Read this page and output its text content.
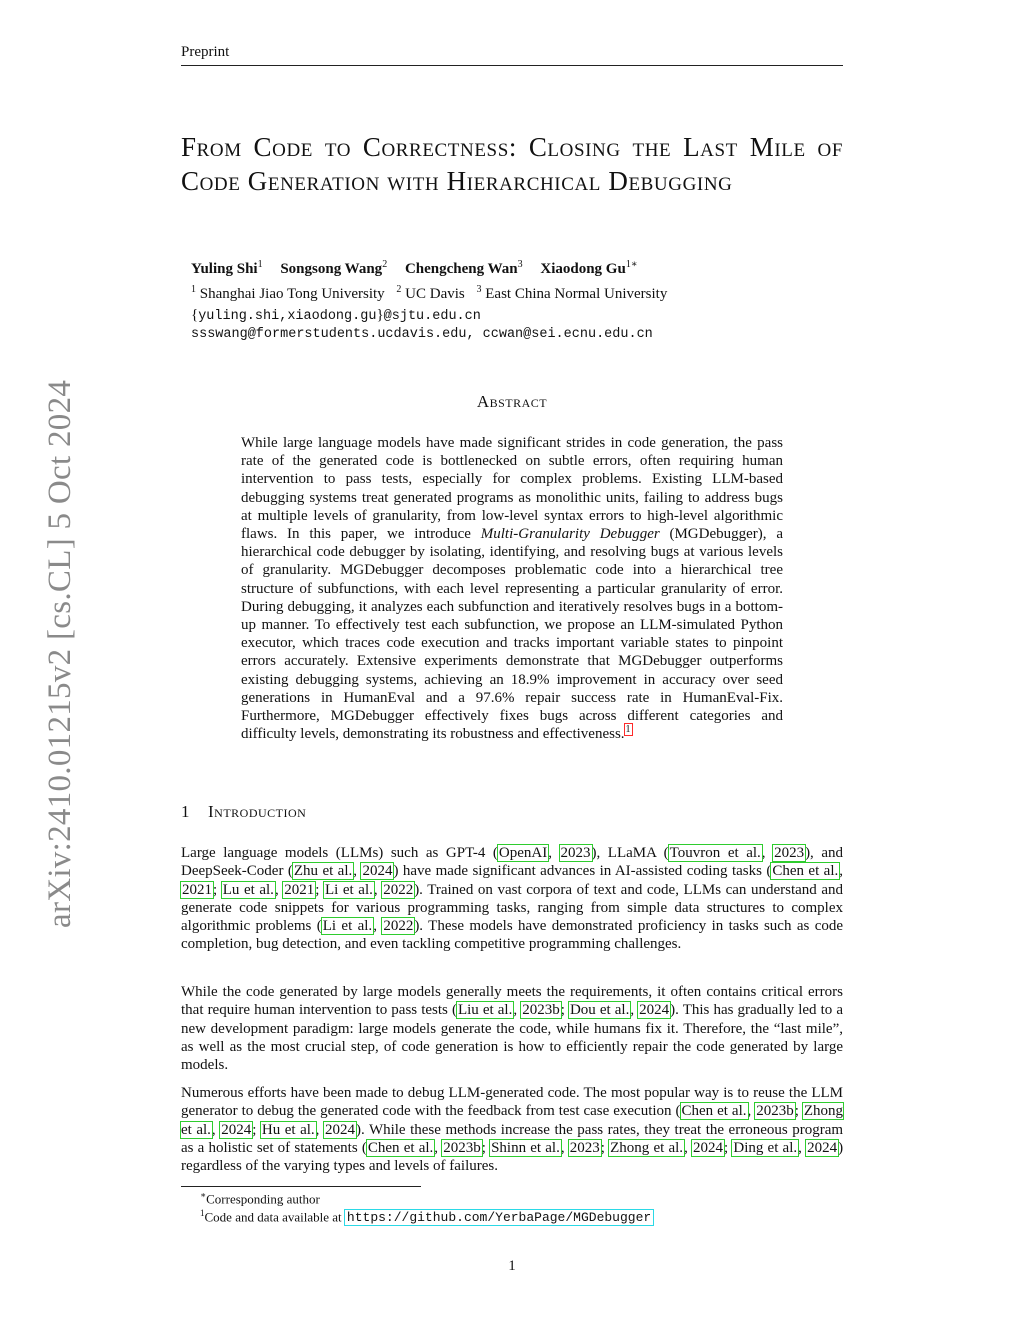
Preprint
arXiv:2410.01215v2 [cs.CL] 5 Oct 2024
From Code to Correctness: Closing the Last Mile of Code Generation with Hierarchical Debugging
Yuling Shi$^1$ Songsong Wang$^2$ Chengcheng Wan$^3$ Xiaodong $Gu^{1∗}$
$^1$ Shanghai Jiao Tong University $^2$ UC Davis $^3$ East China Normal University
{yuling.shi,xiaodong.gu}@sjtu.edu.cn
ssswang@formerstudents.ucdavis.edu, ccwan@sei.ecnu.edu.cn
Abstract
While large language models have made significant strides in code generation, the pass rate of the generated code is bottlenecked on subtle errors, often requiring human intervention to pass tests, especially for complex problems. Existing LLM-based debugging systems treat generated programs as monolithic units, failing to address bugs at multiple levels of granularity, from low-level syntax errors to high-level algorithmic flaws. In this paper, we introduce Multi-Granularity Debugger (MGDebugger), a hierarchical code debugger by isolating, identifying, and resolving bugs at various levels of granularity. MGDebugger decomposes problematic code into a hierarchical tree structure of subfunctions, with each level representing a particular granularity of error. During debugging, it analyzes each subfunction and iteratively resolves bugs in a bottom-up manner. To effectively test each subfunction, we propose an LLM-simulated Python executor, which traces code execution and tracks important variable states to pinpoint errors accurately. Extensive experiments demonstrate that MGDebugger outperforms existing debugging systems, achieving an 18.9% improvement in accuracy over seed generations in HumanEval and a 97.6% repair success rate in HumanEval-Fix. Furthermore, MGDebugger effectively fixes bugs across different categories and difficulty levels, demonstrating its robustness and effectiveness.$^1$
1 Introduction
Large language models (LLMs) such as GPT-4 (OpenAI, 2023), LLaMA (Touvron et al., 2023), and DeepSeek-Coder (Zhu et al., 2024) have made significant advances in AI-assisted coding tasks (Chen et al., 2021; Lu et al., 2021; Li et al., 2022). Trained on vast corpora of text and code, LLMs can understand and generate code snippets for various programming tasks, ranging from simple data structures to complex algorithmic problems (Li et al., 2022). These models have demonstrated proficiency in tasks such as code completion, bug detection, and even tackling competitive programming challenges.
While the code generated by large models generally meets the requirements, it often contains critical errors that require human intervention to pass tests (Liu et al., 2023b; Dou et al., 2024). This has gradually led to a new development paradigm: large models generate the code, while humans fix it. Therefore, the “last mile”, as well as the most crucial step, of code generation is how to efficiently repair the code generated by large models.
Numerous efforts have been made to debug LLM-generated code. The most popular way is to reuse the LLM generator to debug the generated code with the feedback from test case execution (Chen et al., 2023b; Zhong et al., 2024; Hu et al., 2024). While these methods increase the pass rates, they treat the erroneous program as a holistic set of statements (Chen et al., 2023b; Shinn et al., 2023; Zhong et al., 2024; Ding et al., 2024) regardless of the varying types and levels of failures.
∗Corresponding author
$^1$Code and data available at https://github.com/YerbaPage/MGDebugger
1
